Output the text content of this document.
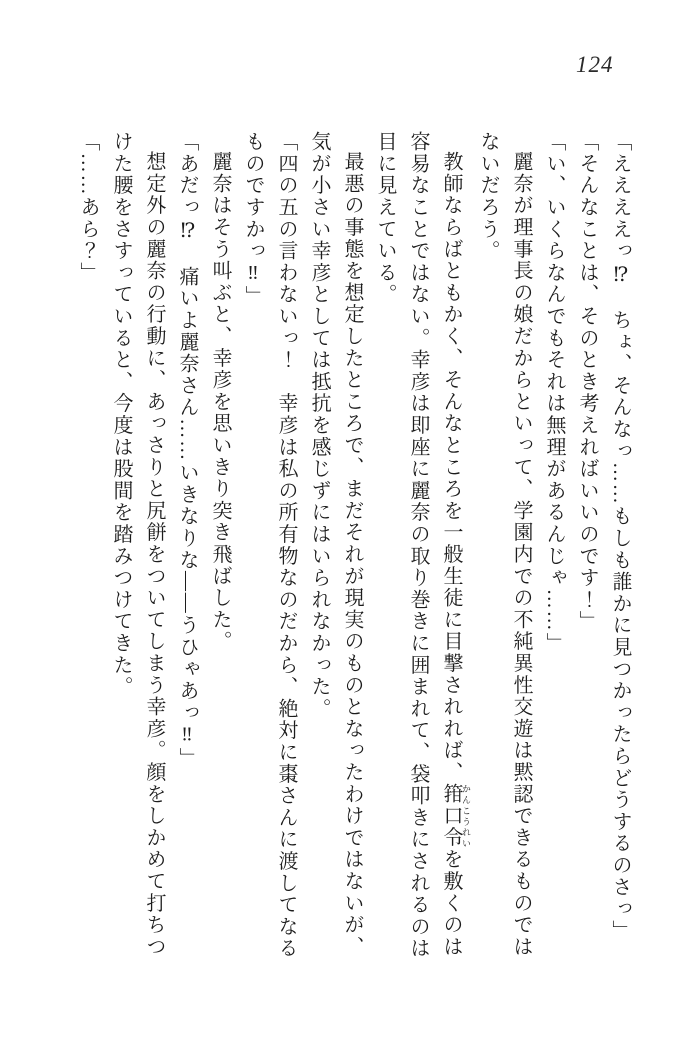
124

「ええええっ⁉　ちょ、そんなっ……もしも誰かに見つかったらどうするのさっ」

「そんなことは、そのとき考えればいいのです！」

「い、いくらなんでもそれは無理があるんじゃ……」

麗奈が理事長の娘だからといって、学園内での不純異性交遊は黙認できるものではないだろう。

教師ならばともかく、そんなところを一般生徒に目撃されれば、箝口令 かんこうれいを敷くのは容易なことではない。幸彦は即座に麗奈の取り巻きに囲まれて、袋叩きにされるのは目に見えている。

最悪の事態を想定したところで、まだそれが現実のものとなったわけではないが、気が小さい幸彦としては抵抗を感じずにはいられなかった。

「四の五の言わないっ！　幸彦は私の所有物なのだから、絶対に棗さんに渡してなるものですかっ‼」

麗奈はそう叫ぶと、幸彦を思いきり突き飛ばした。

「あだっ⁉　痛いよ麗奈さん……いきなりな――うひゃあっ‼」

想定外の麗奈の行動に、あっさりと尻餅をついてしまう幸彦。顔をしかめて打ちつけた腰をさすっていると、今度は股間を踏みつけてきた。

「……あら？」
